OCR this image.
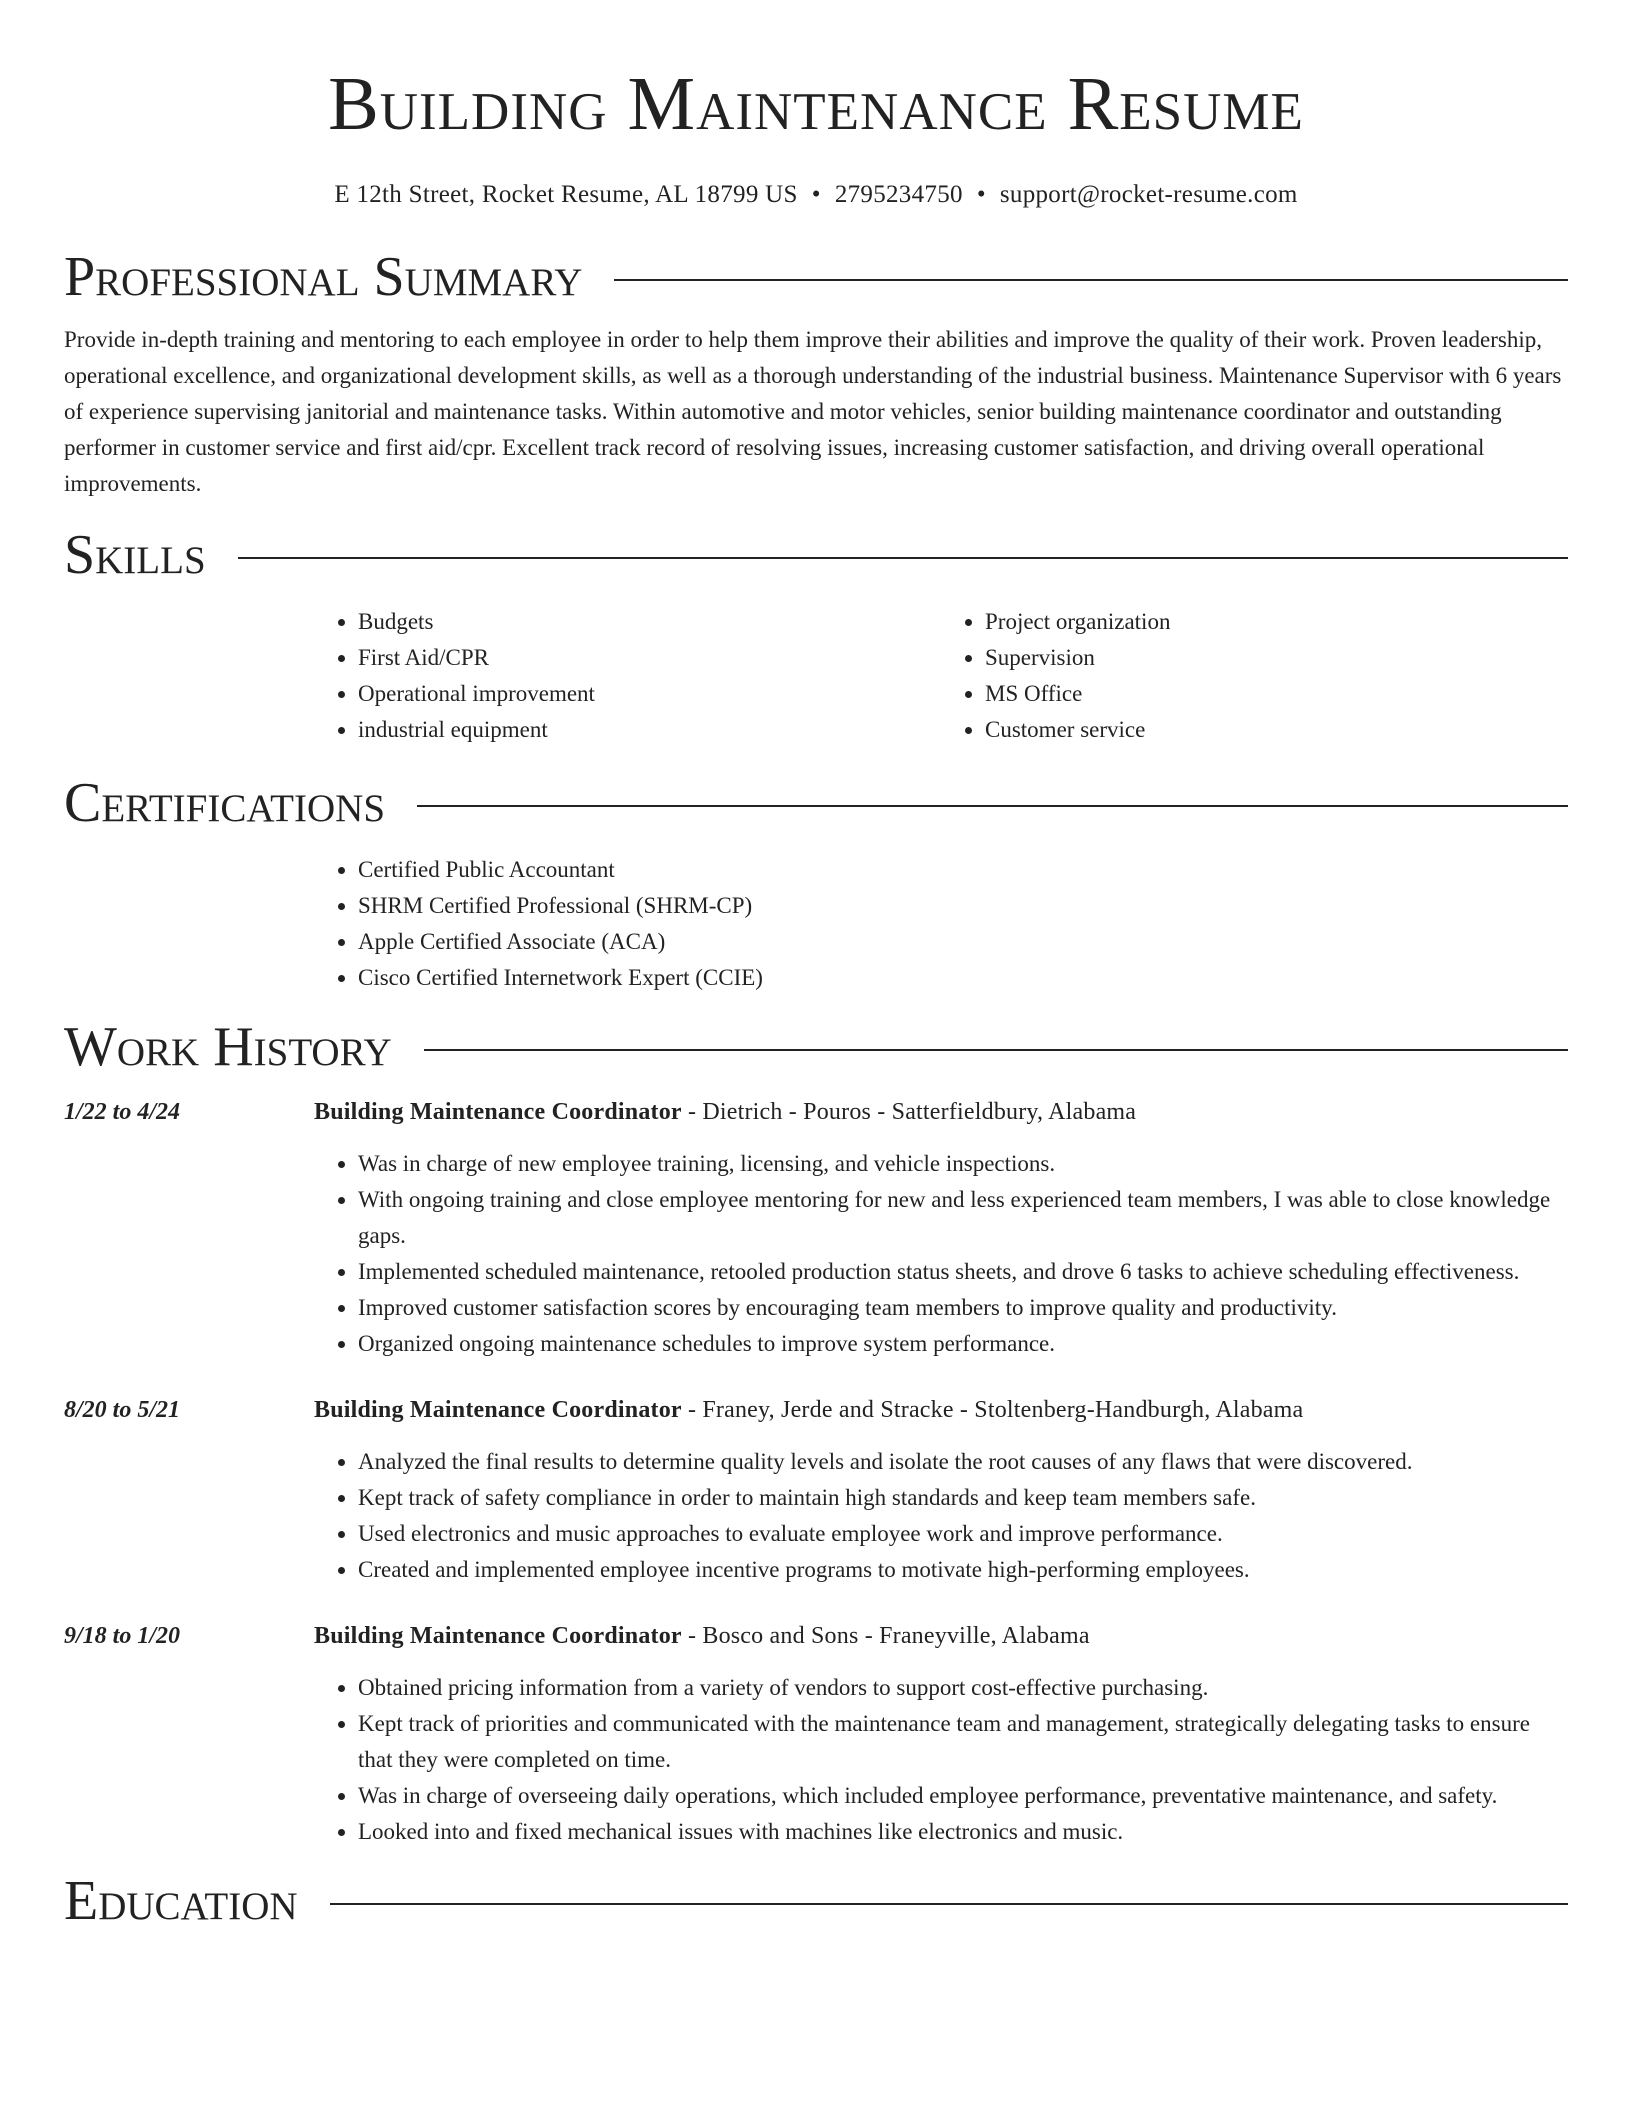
Building Maintenance Resume
E 12th Street, Rocket Resume, AL 18799 US • 2795234750 • support@rocket-resume.com
Professional Summary

Provide in-depth training and mentoring to each employee in order to help them improve their abilities and improve the quality of their work. Proven leadership, operational excellence, and organizational development skills, as well as a thorough understanding of the industrial business. Maintenance Supervisor with 6 years of experience supervising janitorial and maintenance tasks. Within automotive and motor vehicles, senior building maintenance coordinator and outstanding performer in customer service and first aid/cpr. Excellent track record of resolving issues, increasing customer satisfaction, and driving overall operational improvements.

Skills
• Budgets
• First Aid/CPR
• Operational improvement
• industrial equipment
• Project organization
• Supervision
• MS Office
• Customer service
Certifications
• Certified Public Accountant
• SHRM Certified Professional (SHRM-CP)
• Apple Certified Associate (ACA)
• Cisco Certified Internetwork Expert (CCIE)
Work History
1/22 to 4/24	Building Maintenance Coordinator - Dietrich - Pouros - Satterfieldbury, Alabama
• Was in charge of new employee training, licensing, and vehicle inspections.
• With ongoing training and close employee mentoring for new and less experienced team members, I was able to close knowledge gaps.
• Implemented scheduled maintenance, retooled production status sheets, and drove 6 tasks to achieve scheduling effectiveness.
• Improved customer satisfaction scores by encouraging team members to improve quality and productivity.
• Organized ongoing maintenance schedules to improve system performance.
8/20 to 5/21	Building Maintenance Coordinator - Franey, Jerde and Stracke - Stoltenberg-Handburgh, Alabama
• Analyzed the final results to determine quality levels and isolate the root causes of any flaws that were discovered.
• Kept track of safety compliance in order to maintain high standards and keep team members safe.
• Used electronics and music approaches to evaluate employee work and improve performance.
• Created and implemented employee incentive programs to motivate high-performing employees.
9/18 to 1/20	Building Maintenance Coordinator - Bosco and Sons - Franeyville, Alabama
• Obtained pricing information from a variety of vendors to support cost-effective purchasing.
• Kept track of priorities and communicated with the maintenance team and management, strategically delegating tasks to ensure that they were completed on time.
• Was in charge of overseeing daily operations, which included employee performance, preventative maintenance, and safety.
• Looked into and fixed mechanical issues with machines like electronics and music.
Education
